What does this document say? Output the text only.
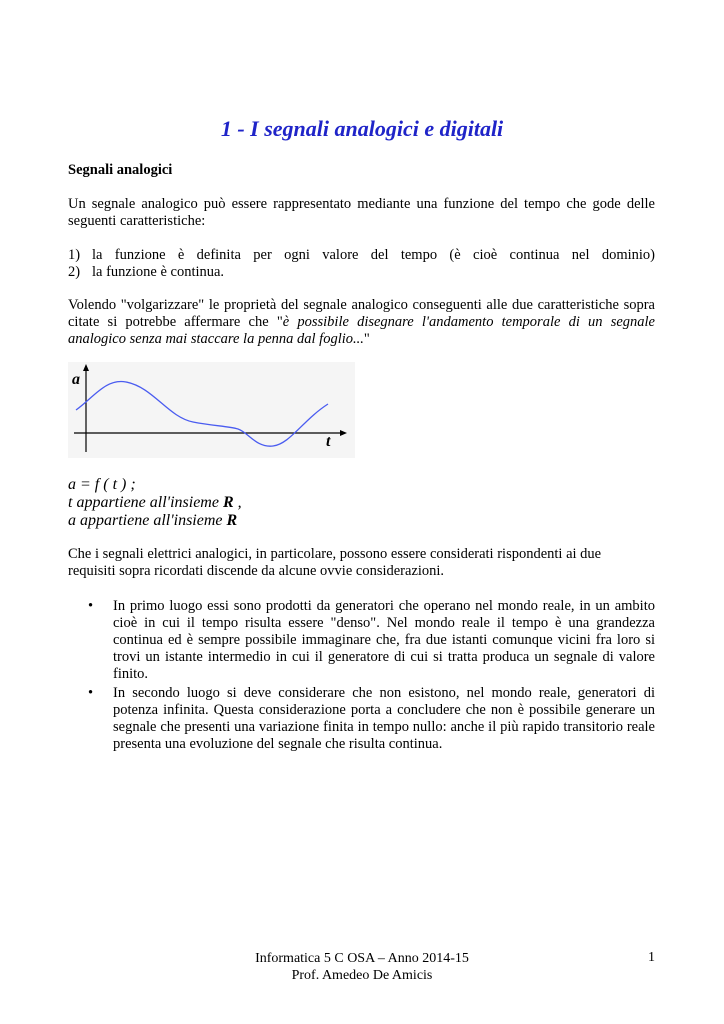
1 - I segnali analogici e digitali
Segnali analogici
Un segnale analogico può essere rappresentato mediante una funzione del tempo che gode delle
seguenti caratteristiche:
1) la funzione è definita per ogni valore del tempo (è cioè continua nel dominio)
2) la funzione è continua.
Volendo "volgarizzare" le proprietà del segnale analogico conseguenti alle due caratteristiche sopra
citate si potrebbe affermare che "è possibile disegnare l'andamento temporale di un segnale
analogico senza mai staccare la penna dal foglio..."
a
t
a = f ( t ) ;
t appartiene all'insieme R ,
a appartiene all'insieme R
Che i segnali elettrici analogici, in particolare, possono essere considerati rispondenti ai due
requisiti sopra ricordati discende da alcune ovvie considerazioni.
• In primo luogo essi sono prodotti da generatori che operano nel mondo reale, in un ambito
cioè in cui il tempo risulta essere "denso". Nel mondo reale il tempo è una grandezza
continua ed è sempre possibile immaginare che, fra due istanti comunque vicini fra loro si
trovi un istante intermedio in cui il generatore di cui si tratta produca un segnale di valore
finito.
• In secondo luogo si deve considerare che non esistono, nel mondo reale, generatori di
potenza infinita. Questa considerazione porta a concludere che non è possibile generare un
segnale che presenti una variazione finita in tempo nullo: anche il più rapido transitorio reale
presenta una evoluzione del segnale che risulta continua.
Informatica 5 C OSA – Anno 2014-15
Prof. Amedeo De Amicis
1
